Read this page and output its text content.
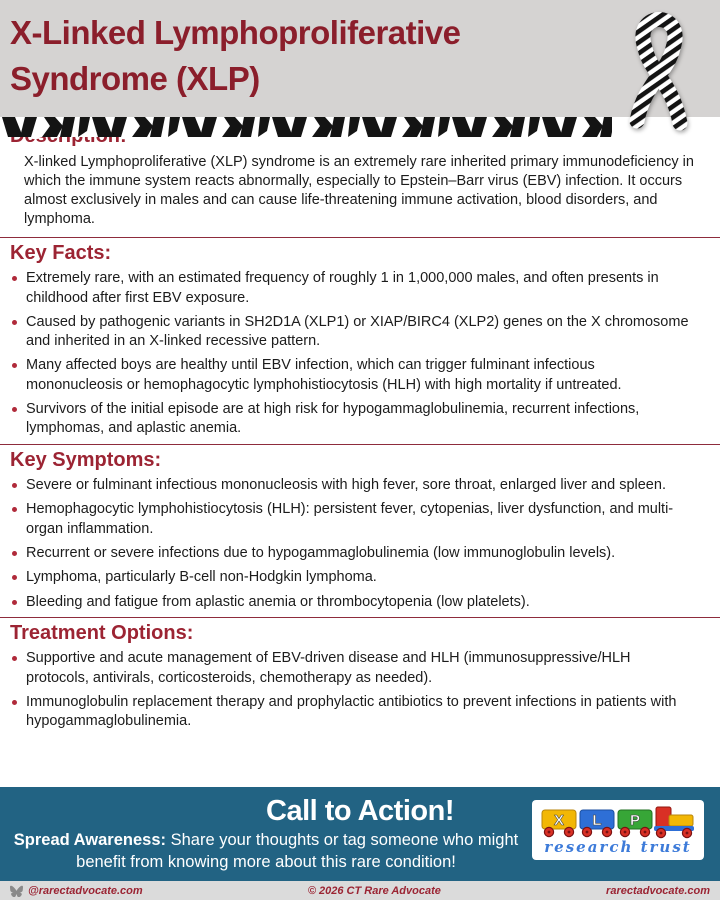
X-Linked Lymphoproliferative Syndrome (XLP)

X-linked Lymphoproliferative (XLP) syndrome is an extremely rare inherited primary immunodeficiency in which the immune system reacts abnormally, especially to Epstein–Barr virus (EBV) infection. It occurs almost exclusively in males and can cause life-threatening immune activation, blood disorders, and lymphoma.

Key Facts:
Extremely rare, with an estimated frequency of roughly 1 in 1,000,000 males, and often presents in childhood after first EBV exposure.
Caused by pathogenic variants in SH2D1A (XLP1) or XIAP/BIRC4 (XLP2) genes on the X chromosome and inherited in an X-linked recessive pattern.
Many affected boys are healthy until EBV infection, which can trigger fulminant infectious mononucleosis or hemophagocytic lymphohistiocytosis (HLH) with high mortality if untreated.
Survivors of the initial episode are at high risk for hypogammaglobulinemia, recurrent infections, lymphomas, and aplastic anemia.
Key Symptoms:
Severe or fulminant infectious mononucleosis with high fever, sore throat, enlarged liver and spleen.
Hemophagocytic lymphohistiocytosis (HLH): persistent fever, cytopenias, liver dysfunction, and multi-organ inflammation.
Recurrent or severe infections due to hypogammaglobulinemia (low immunoglobulin levels).
Lymphoma, particularly B-cell non-Hodgkin lymphoma.
Bleeding and fatigue from aplastic anemia or thrombocytopenia (low platelets).
Treatment Options:
Supportive and acute management of EBV-driven disease and HLH (immunosuppressive/HLH protocols, antivirals, corticosteroids, chemotherapy as needed).
Immunoglobulin replacement therapy and prophylactic antibiotics to prevent infections in patients with hypogammaglobulinemia.
Call to Action!

Spread Awareness: Share your thoughts or tag someone who might benefit from knowing more about this rare condition!

X L P
research trust
@rarectadvocate.com	© 2026 CT Rare Advocate	rarectadvocate.com
